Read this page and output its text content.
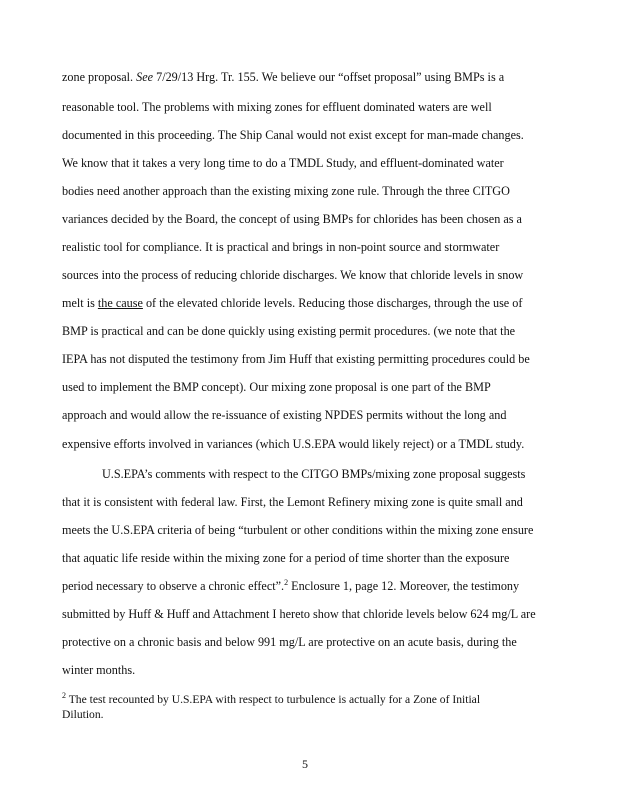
zone proposal. See 7/29/13 Hrg. Tr. 155. We believe our “offset proposal” using BMPs is a
reasonable tool. The problems with mixing zones for effluent dominated waters are well
documented in this proceeding. The Ship Canal would not exist except for man-made changes.
We know that it takes a very long time to do a TMDL Study, and effluent-dominated water
bodies need another approach than the existing mixing zone rule. Through the three CITGO
variances decided by the Board, the concept of using BMPs for chlorides has been chosen as a
realistic tool for compliance. It is practical and brings in non-point source and stormwater
sources into the process of reducing chloride discharges. We know that chloride levels in snow
melt is the cause of the elevated chloride levels. Reducing those discharges, through the use of
BMP is practical and can be done quickly using existing permit procedures. (we note that the
IEPA has not disputed the testimony from Jim Huff that existing permitting procedures could be
used to implement the BMP concept). Our mixing zone proposal is one part of the BMP
approach and would allow the re-issuance of existing NPDES permits without the long and
expensive efforts involved in variances (which U.S.EPA would likely reject) or a TMDL study.
U.S.EPA’s comments with respect to the CITGO BMPs/mixing zone proposal suggests
that it is consistent with federal law. First, the Lemont Refinery mixing zone is quite small and
meets the U.S.EPA criteria of being “turbulent or other conditions within the mixing zone ensure
that aquatic life reside within the mixing zone for a period of time shorter than the exposure
period necessary to observe a chronic effect”.$^2$ Enclosure 1, page 12. Moreover, the testimony
submitted by Huff & Huff and Attachment I hereto show that chloride levels below 624 mg/L are
protective on a chronic basis and below 991 mg/L are protective on an acute basis, during the
winter months.
$^2$ The test recounted by U.S.EPA with respect to turbulence is actually for a Zone of Initial
Dilution.
5
